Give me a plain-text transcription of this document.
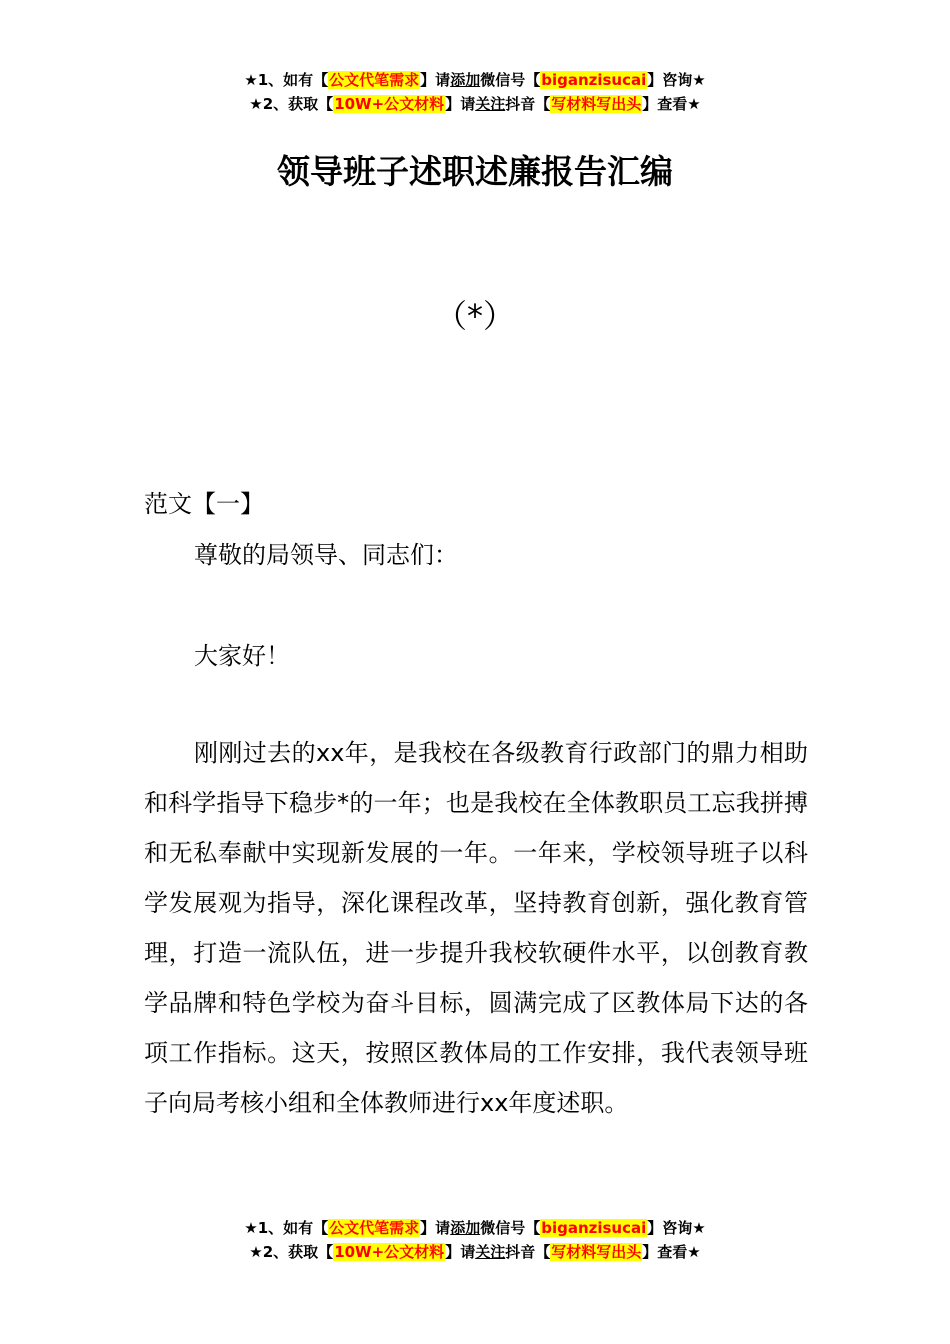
★1、如有【公文代笔需求】请添加微信号【biganzisucai】咨询★
★2、获取【10W+公文材料】请关注抖音【写材料写出头】查看★
领导班子述职述廉报告汇编
（*）
范文【一】

尊敬的局领导、同志们：

大家好！

刚刚过去的xx年，是我校在各级教育行政部门的鼎力相助和科学指导下稳步*的一年；也是我校在全体教职员工忘我拼搏和无私奉献中实现新发展的一年。一年来，学校领导班子以科学发展观为指导，深化课程改革，坚持教育创新，强化教育管理，打造一流队伍，进一步提升我校软硬件水平，以创教育教学品牌和特色学校为奋斗目标，圆满完成了区教体局下达的各项工作指标。这天，按照区教体局的工作安排，我代表领导班子向局考核小组和全体教师进行xx年度述职。

★1、如有【公文代笔需求】请添加微信号【biganzisucai】咨询★
★2、获取【10W+公文材料】请关注抖音【写材料写出头】查看★
